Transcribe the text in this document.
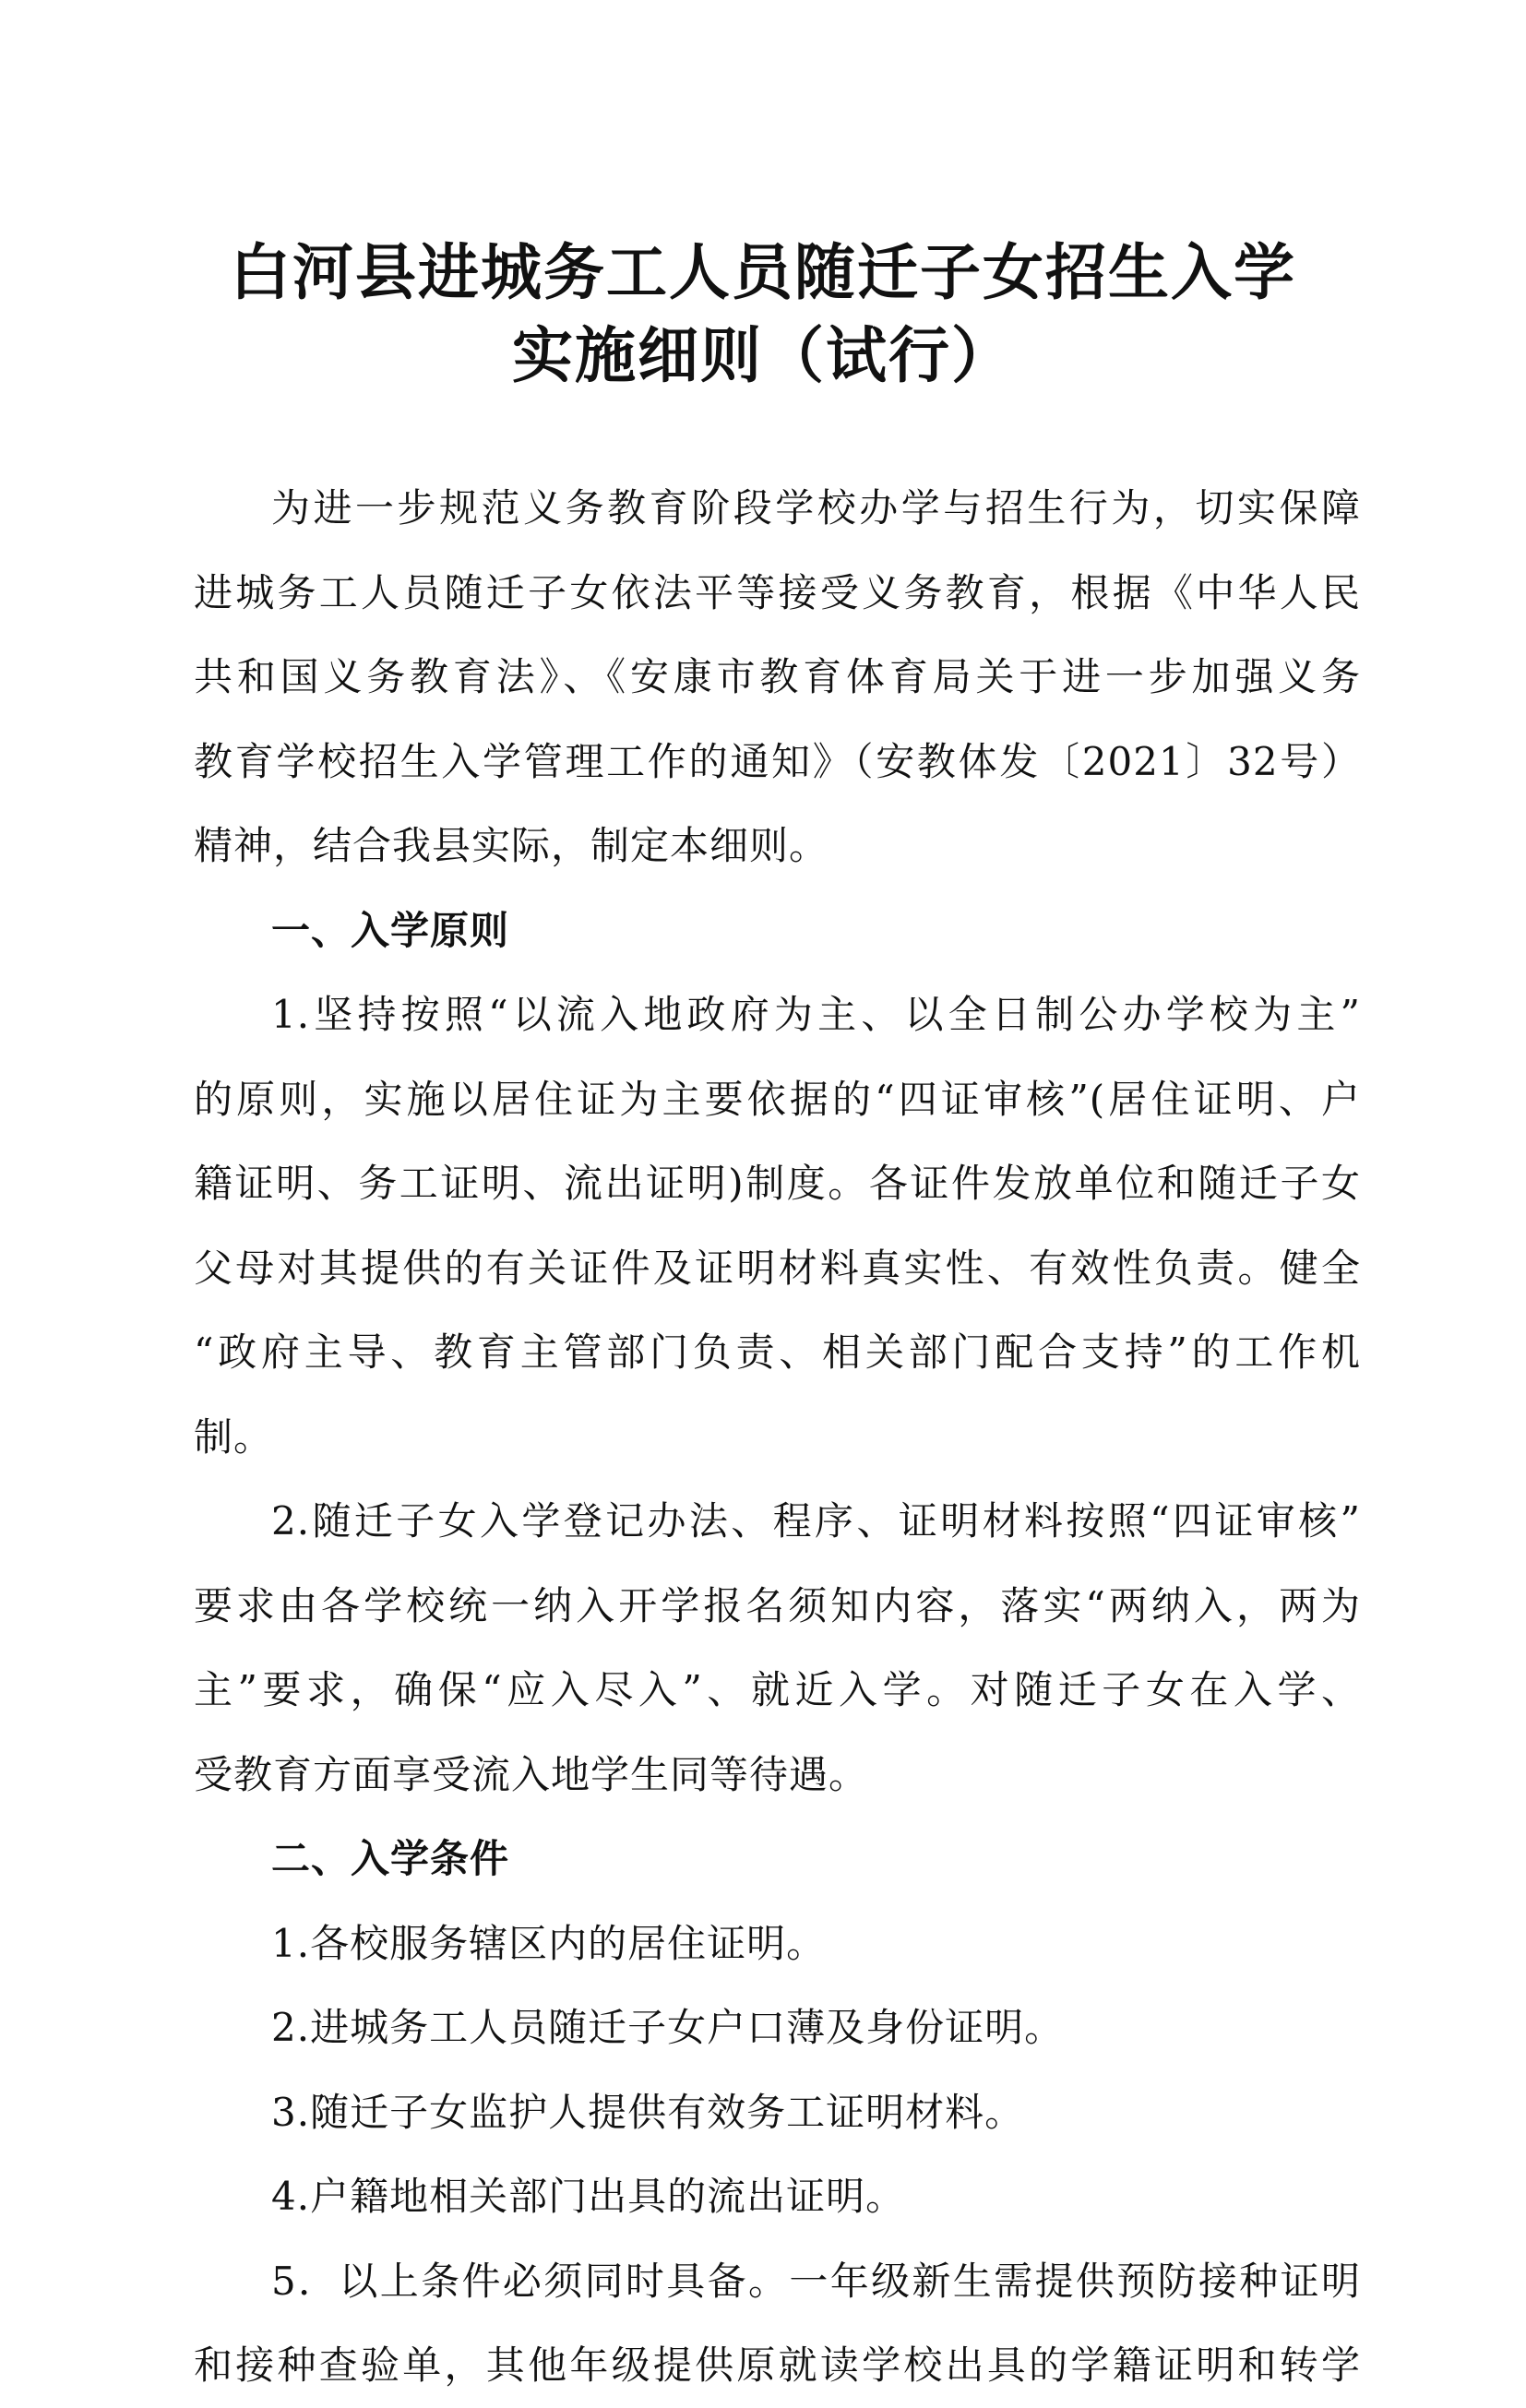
白河县进城务工人员随迁子女招生入学
实施细则（试行）
为进一步规范义务教育阶段学校办学与招生行为，切实保障
进城务工人员随迁子女依法平等接受义务教育，根据《中华人民
共和国义务教育法》、《安康市教育体育局关于进一步加强义务
教育学校招生入学管理工作的通知》（安教体发〔2021〕32号）
精神，结合我县实际，制定本细则。
一、入学原则
1.坚持按照“以流入地政府为主、以全日制公办学校为主”
的原则，实施以居住证为主要依据的“四证审核”(居住证明、户
籍证明、务工证明、流出证明)制度。各证件发放单位和随迁子女
父母对其提供的有关证件及证明材料真实性、有效性负责。健全
“政府主导、教育主管部门负责、相关部门配合支持”的工作机
制。
2.随迁子女入学登记办法、程序、证明材料按照“四证审核”
要求由各学校统一纳入开学报名须知内容，落实“两纳入，两为
主”要求，确保“应入尽入”、就近入学。对随迁子女在入学、
受教育方面享受流入地学生同等待遇。
二、入学条件
1.各校服务辖区内的居住证明。
2.进城务工人员随迁子女户口薄及身份证明。
3.随迁子女监护人提供有效务工证明材料。
4.户籍地相关部门出具的流出证明。
5．以上条件必须同时具备。一年级新生需提供预防接种证明
和接种查验单，其他年级提供原就读学校出具的学籍证明和转学
